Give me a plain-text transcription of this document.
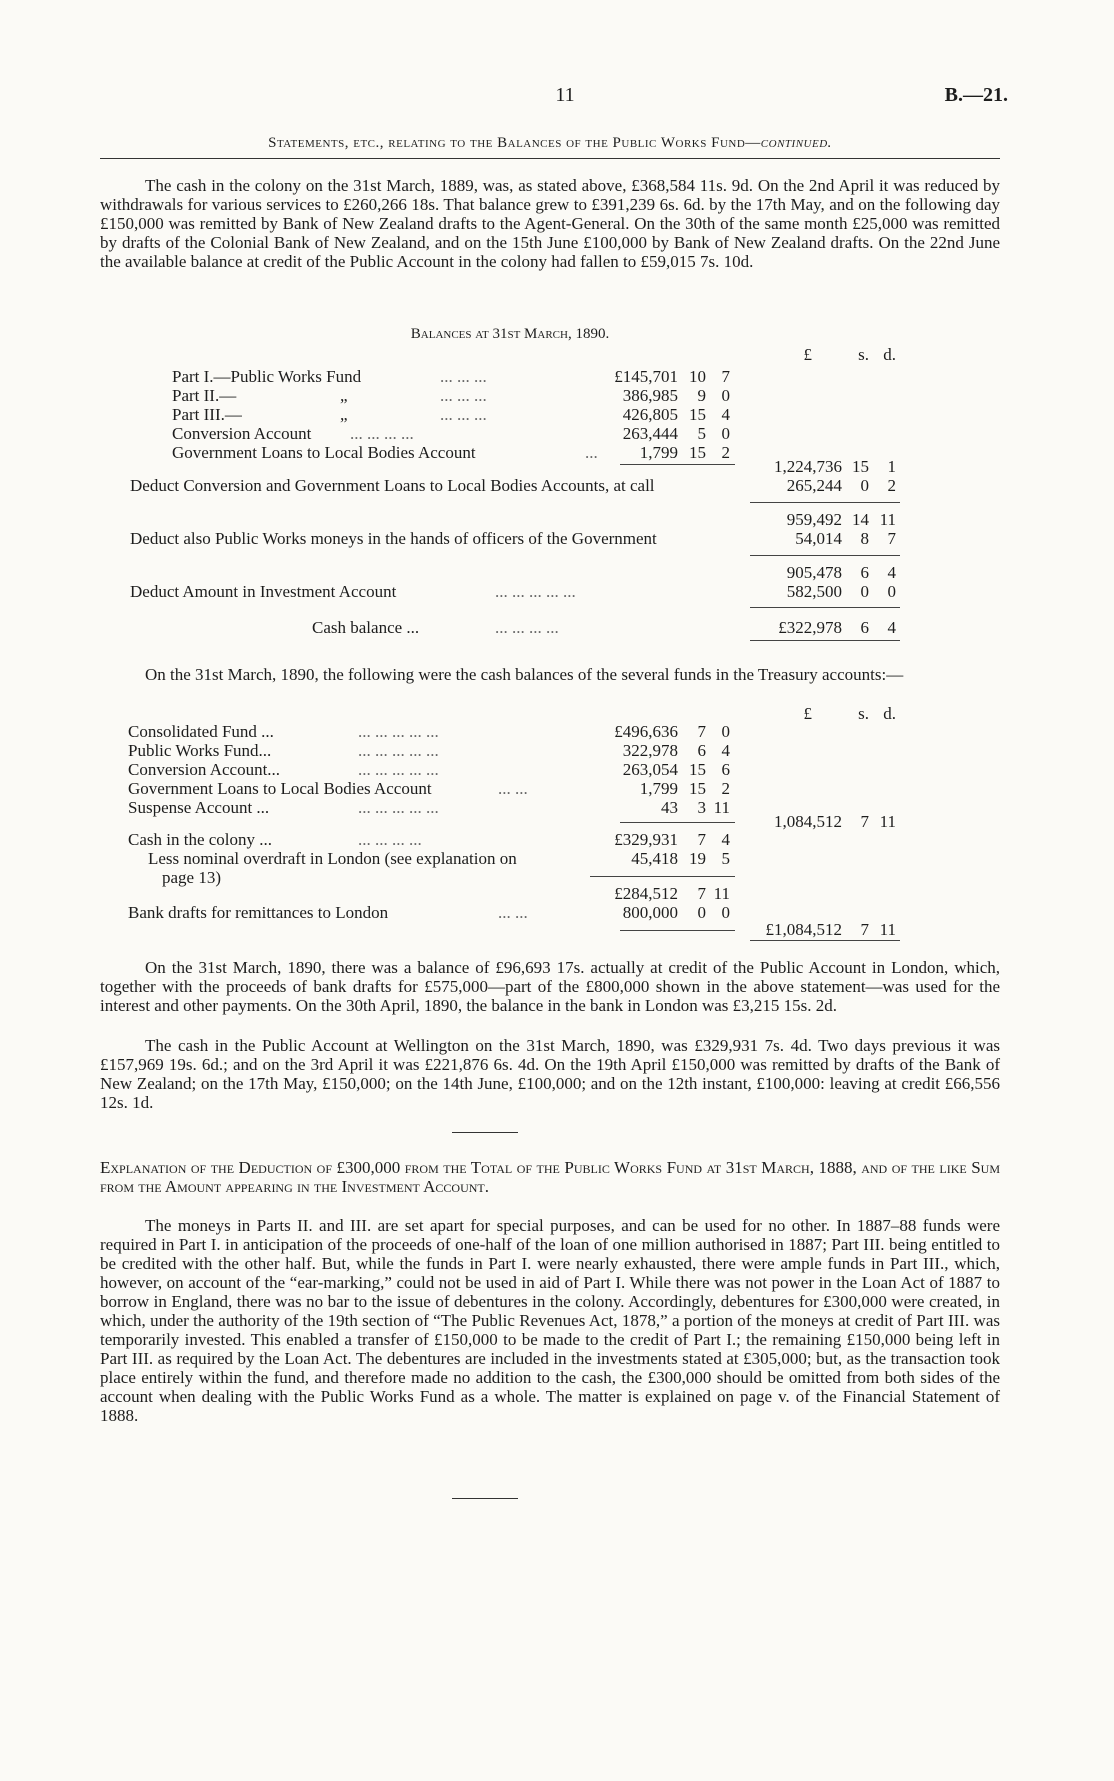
11	B.—21.
Statements, etc., relating to the Balances of the Public Works Fund—continued.

The cash in the colony on the 31st March, 1889, was, as stated above, £368,584 11s. 9d. On the 2nd April it was reduced by withdrawals for various services to £260,266 18s. That balance grew to £391,239 6s. 6d. by the 17th May, and on the following day £150,000 was remitted by Bank of New Zealand drafts to the Agent-General. On the 30th of the same month £25,000 was remitted by drafts of the Colonial Bank of New Zealand, and on the 15th June £100,000 by Bank of New Zealand drafts. On the 22nd June the available balance at credit of the Public Account in the colony had fallen to £59,015 7s. 10d.

Balances at 31st March, 1890.
£	s. d.
Part I.—Public Works Fund	... ... ...	£145,701 10 7
Part II.—	„	... ... ...	386,985	9 0
Part III.—	„	... ... ...	426,805 15 4
Conversion Account ... ... ... ...	263,444	5 0
Government Loans to Local Bodies Account	...	1,799 15 2
1,224,736 15	1
Deduct Conversion and Government Loans to Local Bodies Accounts, at call	265,244	0	2
959,492 14 11
Deduct also Public Works moneys in the hands of officers of the Government	54,014	8	7
905,478	6	4
Deduct Amount in Investment Account	... ... ... ... ...	582,500	0	0
Cash balance ...	... ... ... ...	£322,978	6	4

On the 31st March, 1890, the following were the cash balances of the several funds in the Treasury accounts:—

£	s. d.
Consolidated Fund ...	... ... ... ... ...	£496,636	7 0
Public Works Fund...	... ... ... ... ...	322,978	6 4
Conversion Account...	... ... ... ... ...	263,054 15 6
Government Loans to Local Bodies Account	... ...	1,799 15 2
Suspense Account ...	... ... ... ... ...	43	3 11
1,084,512	7 11
Cash in the colony ...	... ... ... ...	£329,931	7 4
Less nominal overdraft in London (see explanation on	45,418 19 5
page 13)
£284,512	7 11
Bank drafts for remittances to London	... ...	800,000	0 0
£1,084,512	7 11

On the 31st March, 1890, there was a balance of £96,693 17s. actually at credit of the Public Account in London, which, together with the proceeds of bank drafts for £575,000—part of the £800,000 shown in the above statement—was used for the interest and other payments. On the 30th April, 1890, the balance in the bank in London was £3,215 15s. 2d.

The cash in the Public Account at Wellington on the 31st March, 1890, was £329,931 7s. 4d. Two days previous it was £157,969 19s. 6d.; and on the 3rd April it was £221,876 6s. 4d. On the 19th April £150,000 was remitted by drafts of the Bank of New Zealand; on the 17th May, £150,000; on the 14th June, £100,000; and on the 12th instant, £100,000: leaving at credit £66,556 12s. 1d.

Explanation of the Deduction of £300,000 from the Total of the Public Works Fund at 31st March, 1888, and of the like Sum from the Amount appearing in the Investment Account.

The moneys in Parts II. and III. are set apart for special purposes, and can be used for no other. In 1887–88 funds were required in Part I. in anticipation of the proceeds of one-half of the loan of one million authorised in 1887; Part III. being entitled to be credited with the other half. But, while the funds in Part I. were nearly exhausted, there were ample funds in Part III., which, however, on account of the “ear-marking,” could not be used in aid of Part I. While there was not power in the Loan Act of 1887 to borrow in England, there was no bar to the issue of debentures in the colony. Accordingly, debentures for £300,000 were created, in which, under the authority of the 19th section of “The Public Revenues Act, 1878,” a portion of the moneys at credit of Part III. was temporarily invested. This enabled a transfer of £150,000 to be made to the credit of Part I.; the remaining £150,000 being left in Part III. as required by the Loan Act. The debentures are included in the investments stated at £305,000; but, as the transaction took place entirely within the fund, and therefore made no addition to the cash, the £300,000 should be omitted from both sides of the account when dealing with the Public Works Fund as a whole. The matter is explained on page v. of the Financial Statement of 1888.
